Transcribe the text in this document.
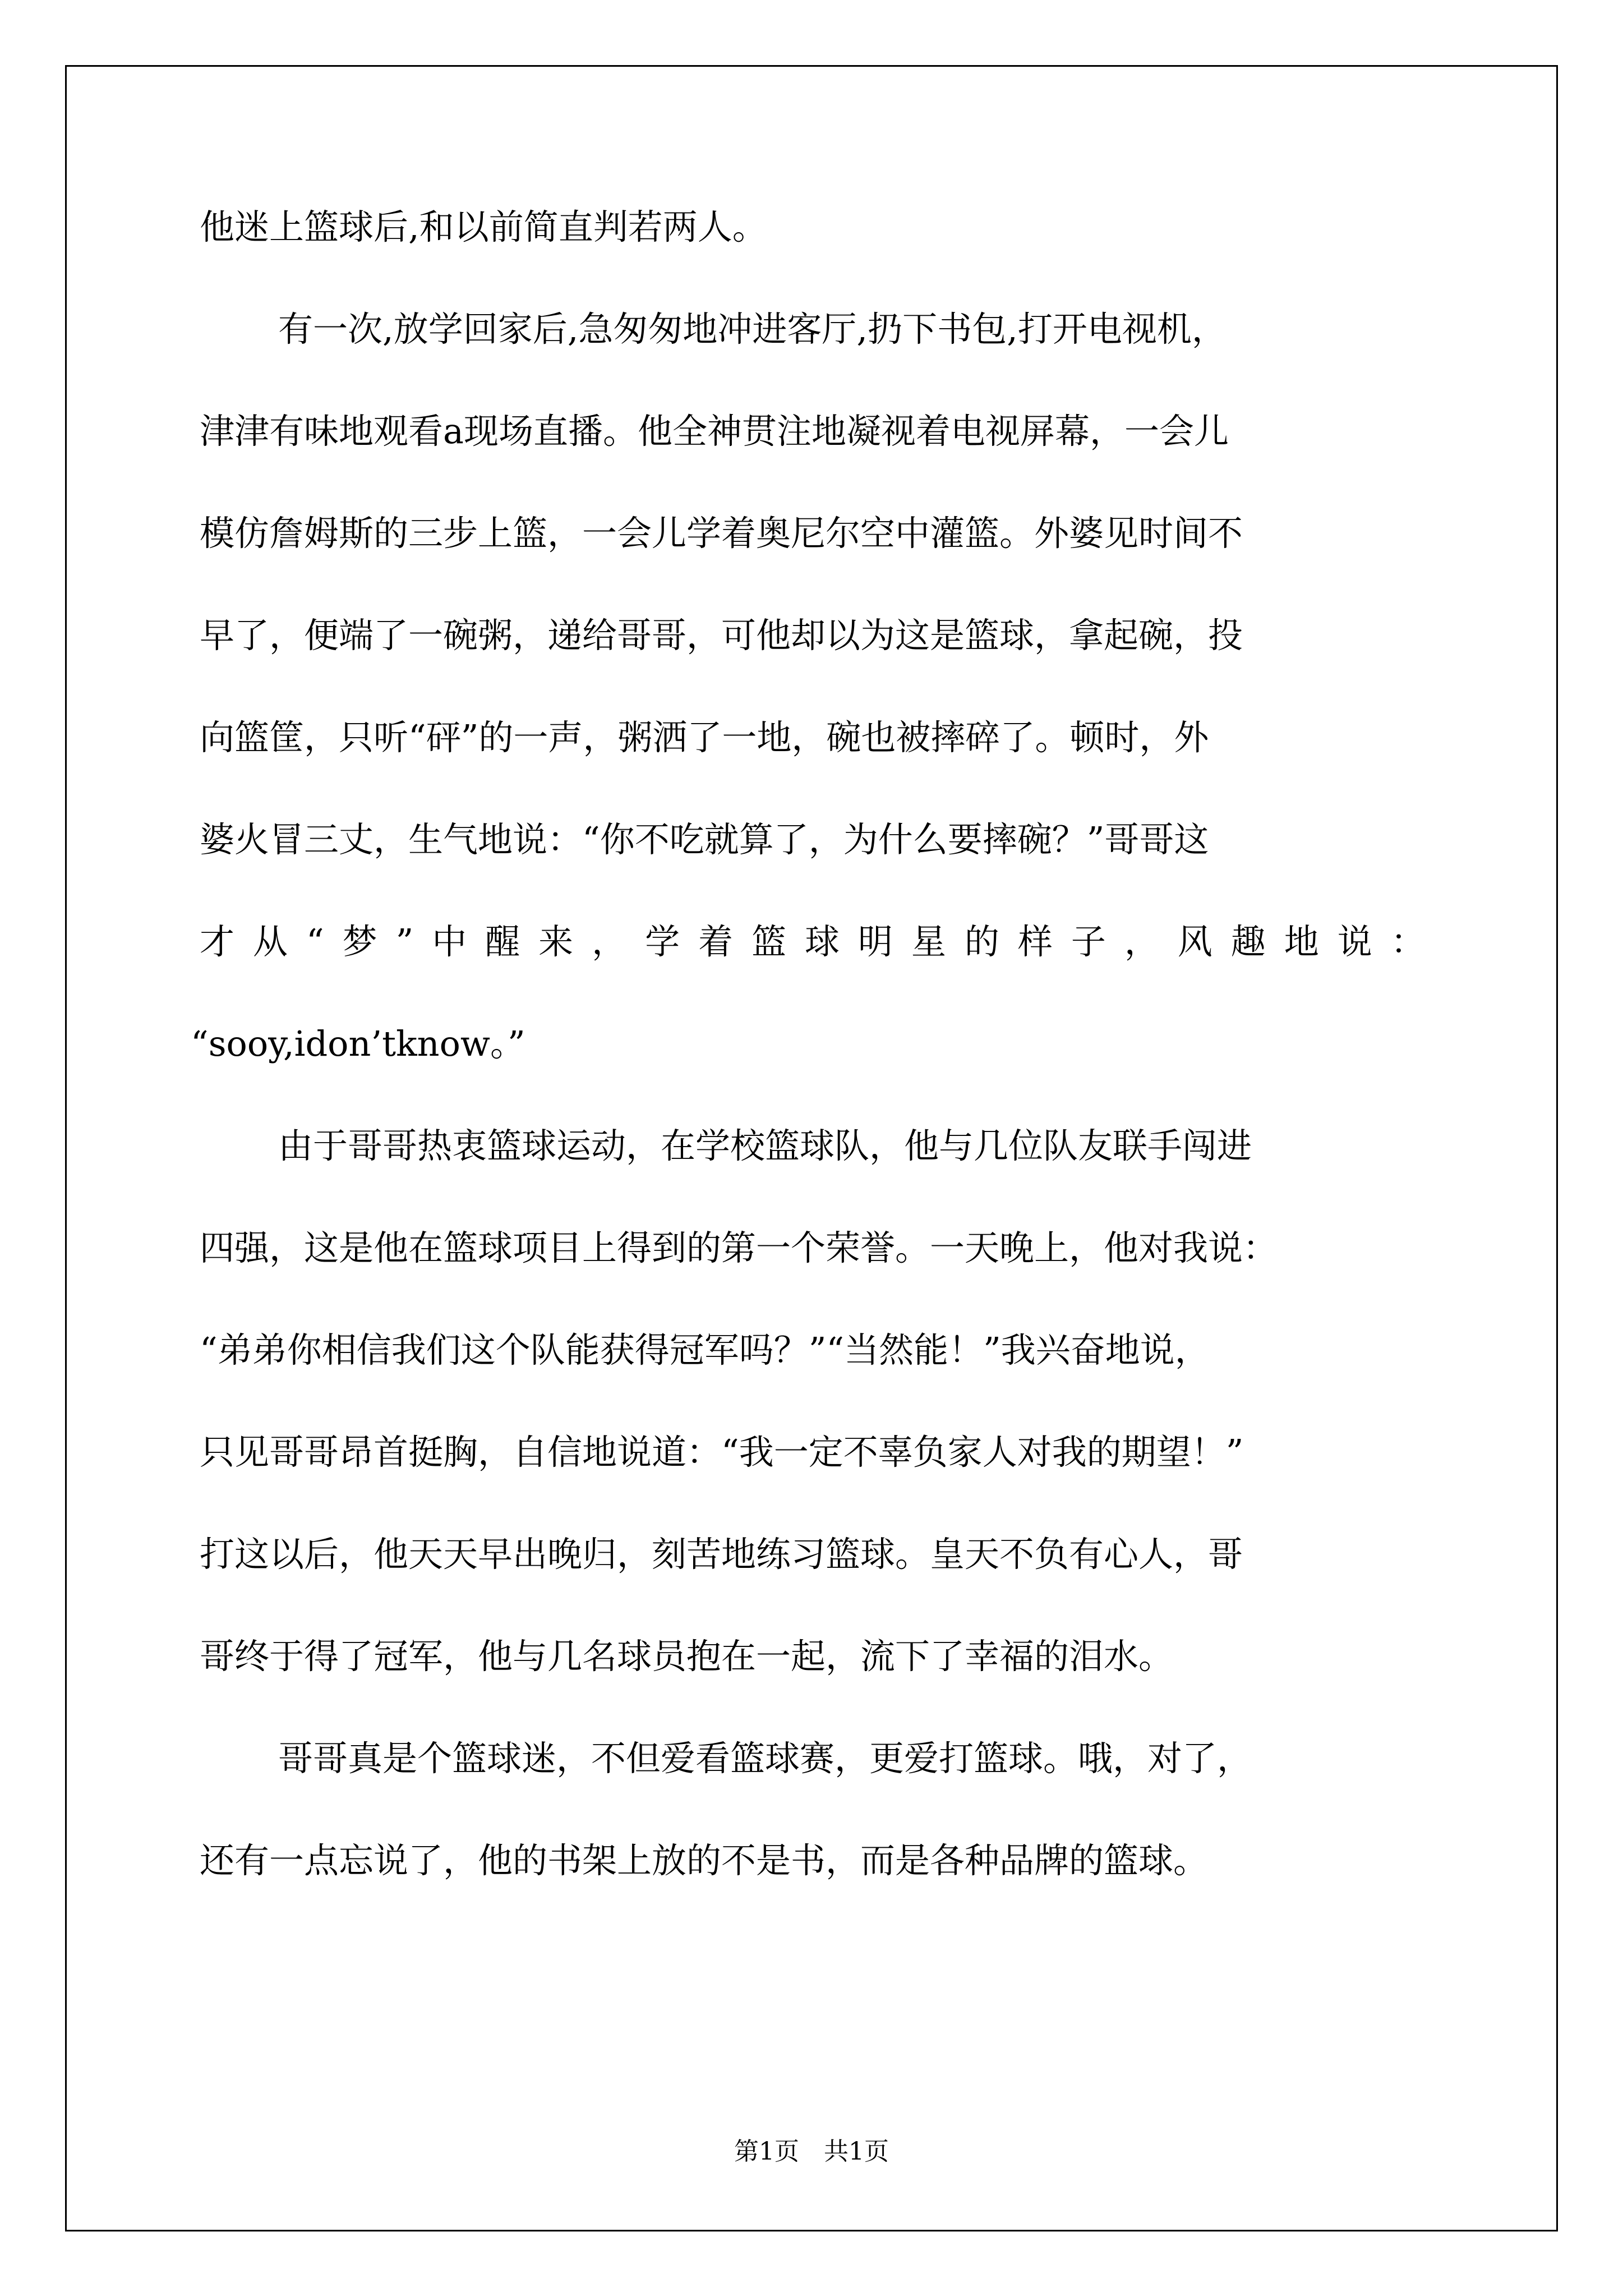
他迷上篮球后,和以前简直判若两人。
有一次,放学回家后,急匆匆地冲进客厅,扔下书包,打开电视机，
津津有味地观看a现场直播。他全神贯注地凝视着电视屏幕，一会儿
模仿詹姆斯的三步上篮，一会儿学着奥尼尔空中灌篮。外婆见时间不
早了，便端了一碗粥，递给哥哥，可他却以为这是篮球，拿起碗，投
向篮筐，只听“砰”的一声，粥洒了一地，碗也被摔碎了。顿时，外
婆火冒三丈，生气地说：“你不吃就算了，为什么要摔碗？”哥哥这
才 从 “ 梦 ” 中 醒 来 ， 学 着 篮 球 明 星 的 样 子 ， 风 趣 地 说 ：
“sooy,idon’tknow。”
由于哥哥热衷篮球运动，在学校篮球队，他与几位队友联手闯进
四强，这是他在篮球项目上得到的第一个荣誉。一天晚上，他对我说：
“弟弟你相信我们这个队能获得冠军吗？”“当然能！”我兴奋地说，
只见哥哥昂首挺胸，自信地说道：“我一定不辜负家人对我的期望！”
打这以后，他天天早出晚归，刻苦地练习篮球。皇天不负有心人，哥
哥终于得了冠军，他与几名球员抱在一起，流下了幸福的泪水。
哥哥真是个篮球迷，不但爱看篮球赛，更爱打篮球。哦，对了，
还有一点忘说了，他的书架上放的不是书，而是各种品牌的篮球。
第1页　共1页
